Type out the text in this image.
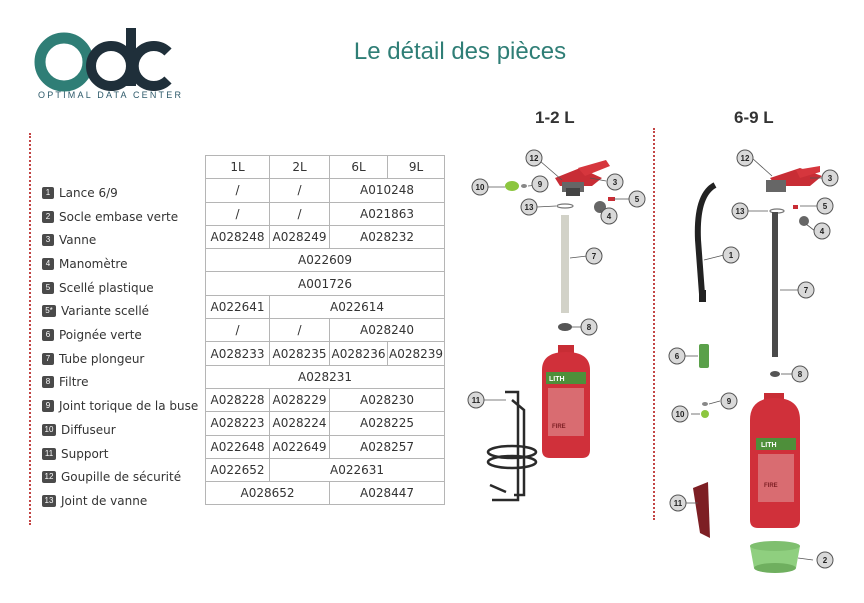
OPTIMAL DATA CENTER
Le détail des pièces
1 Lance 6/9
2 Socle embase verte
3 Vanne
4 Manomètre
5 Scellé plastique
5* Variante scellé
6 Poignée verte
7 Tube plongeur
8 Filtre
9 Joint torique de la buse
10 Diffuseur
11 Support
12 Goupille de sécurité
13 Joint de vanne
1L	2L	6L	9L
/	/	A010248	
/	/	A021863	
A028248	A028249	A028232	
A022609			
A001726			
A022641	A022614		
/	/	A028240	
A028233	A028235	A028236	A028239
A028231			
A028228	A028229	A028230	
A028223	A028224	A028225	
A022648	A022649	A028257	
A022652	A022631		
A028652		A028447	
1-2 L	6-9 L
LITH
FIRE
LITH
FIRE
12
3
10	9
5
13
4
7
8
11
12
3
13
5
4
1
7
8
6
9
10
11
2
